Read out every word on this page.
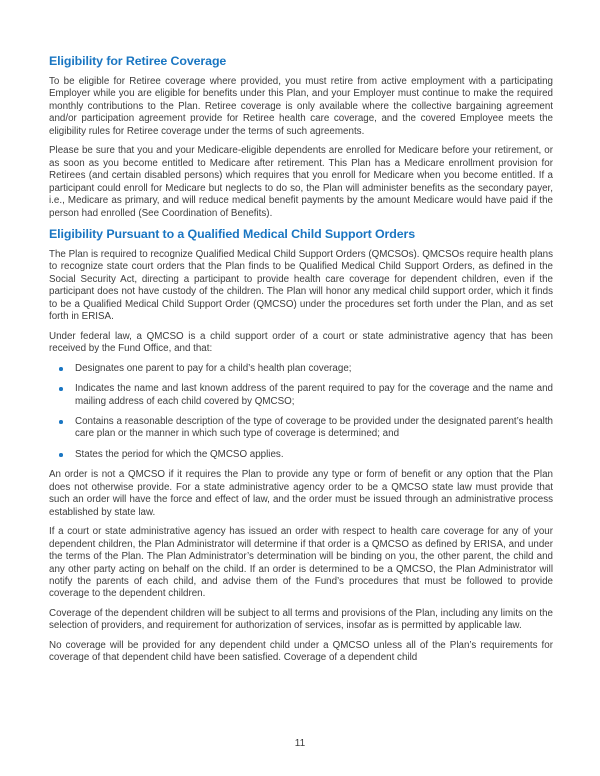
Eligibility for Retiree Coverage

To be eligible for Retiree coverage where provided, you must retire from active employment with a participating Employer while you are eligible for benefits under this Plan, and your Employer must continue to make the required monthly contributions to the Plan. Retiree coverage is only available where the collective bargaining agreement and/or participation agreement provide for Retiree health care coverage, and the covered Employee meets the eligibility rules for Retiree coverage under the terms of such agreements.

Please be sure that you and your Medicare-eligible dependents are enrolled for Medicare before your retirement, or as soon as you become entitled to Medicare after retirement. This Plan has a Medicare enrollment provision for Retirees (and certain disabled persons) which requires that you enroll for Medicare when you become entitled. If a participant could enroll for Medicare but neglects to do so, the Plan will administer benefits as the secondary payer, i.e., Medicare as primary, and will reduce medical benefit payments by the amount Medicare would have paid if the person had enrolled (See Coordination of Benefits).

Eligibility Pursuant to a Qualified Medical Child Support Orders

The Plan is required to recognize Qualified Medical Child Support Orders (QMCSOs). QMCSOs require health plans to recognize state court orders that the Plan finds to be Qualified Medical Child Support Orders, as defined in the Social Security Act, directing a participant to provide health care coverage for dependent children, even if the participant does not have custody of the children. The Plan will honor any medical child support order, which it finds to be a Qualified Medical Child Support Order (QMCSO) under the procedures set forth under the Plan, and as set forth in ERISA.

Under federal law, a QMCSO is a child support order of a court or state administrative agency that has been received by the Fund Office, and that:

Designates one parent to pay for a child’s health plan coverage;
Indicates the name and last known address of the parent required to pay for the coverage and the name and mailing address of each child covered by QMCSO;
Contains a reasonable description of the type of coverage to be provided under the designated parent’s health care plan or the manner in which such type of coverage is determined; and
States the period for which the QMCSO applies.

An order is not a QMCSO if it requires the Plan to provide any type or form of benefit or any option that the Plan does not otherwise provide. For a state administrative agency order to be a QMCSO state law must provide that such an order will have the force and effect of law, and the order must be issued through an administrative process established by state law.

If a court or state administrative agency has issued an order with respect to health care coverage for any of your dependent children, the Plan Administrator will determine if that order is a QMCSO as defined by ERISA, and under the terms of the Plan. The Plan Administrator’s determination will be binding on you, the other parent, the child and any other party acting on behalf on the child. If an order is determined to be a QMCSO, the Plan Administrator will notify the parents of each child, and advise them of the Fund’s procedures that must be followed to provide coverage to the dependent children.

Coverage of the dependent children will be subject to all terms and provisions of the Plan, including any limits on the selection of providers, and requirement for authorization of services, insofar as is permitted by applicable law.

No coverage will be provided for any dependent child under a QMCSO unless all of the Plan’s requirements for coverage of that dependent child have been satisfied. Coverage of a dependent child

11
